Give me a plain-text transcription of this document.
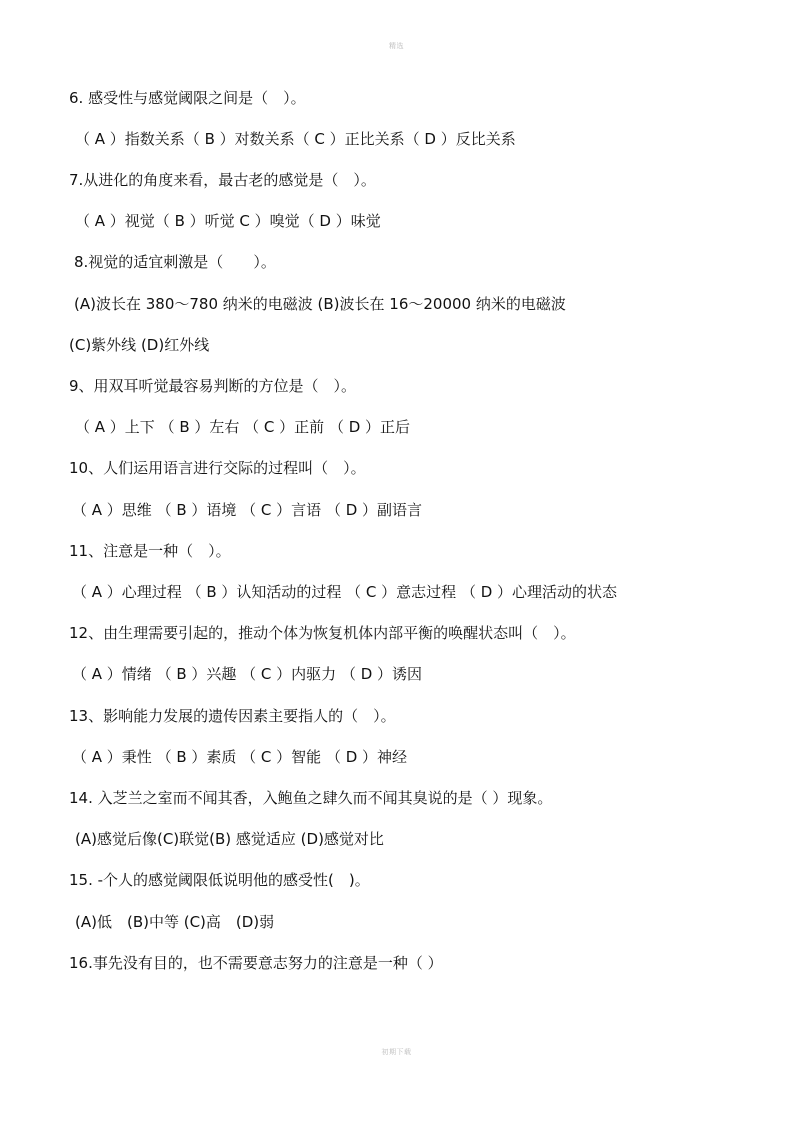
精选
6. 感受性与感觉阈限之间是（　）。
（ A ）指数关系（ B ）对数关系（ C ）正比关系（ D ）反比关系
7.从进化的角度来看，最古老的感觉是（　）。
（ A ）视觉（ B ）听觉 C ）嗅觉（ D ）味觉
8.视觉的适宜刺激是（　　）。
(A)波长在 380～780 纳米的电磁波 (B)波长在 16～20000 纳米的电磁波
(C)紫外线 (D)红外线
9、用双耳听觉最容易判断的方位是（　）。
（ A ）上下 （ B ）左右 （ C ）正前 （ D ）正后
10、人们运用语言进行交际的过程叫（　）。
（ A ）思维 （ B ）语境 （ C ）言语 （ D ）副语言
11、注意是一种（　）。
（ A ）心理过程 （ B ）认知活动的过程 （ C ）意志过程 （ D ）心理活动的状态
12、由生理需要引起的，推动个体为恢复机体内部平衡的唤醒状态叫（　）。
（ A ）情绪 （ B ）兴趣 （ C ）内驱力 （ D ）诱因
13、影响能力发展的遗传因素主要指人的（　）。
（ A ）秉性 （ B ）素质 （ C ）智能 （ D ）神经
14. 入芝兰之室而不闻其香，入鲍鱼之肆久而不闻其臭说的是（ ）现象。
(A)感觉后像(C)联觉(B) 感觉适应 (D)感觉对比
15. -个人的感觉阈限低说明他的感受性(　)。
(A)低　(B)中等 (C)高　(D)弱
16.事先没有目的，也不需要意志努力的注意是一种（ ）
初期下载
